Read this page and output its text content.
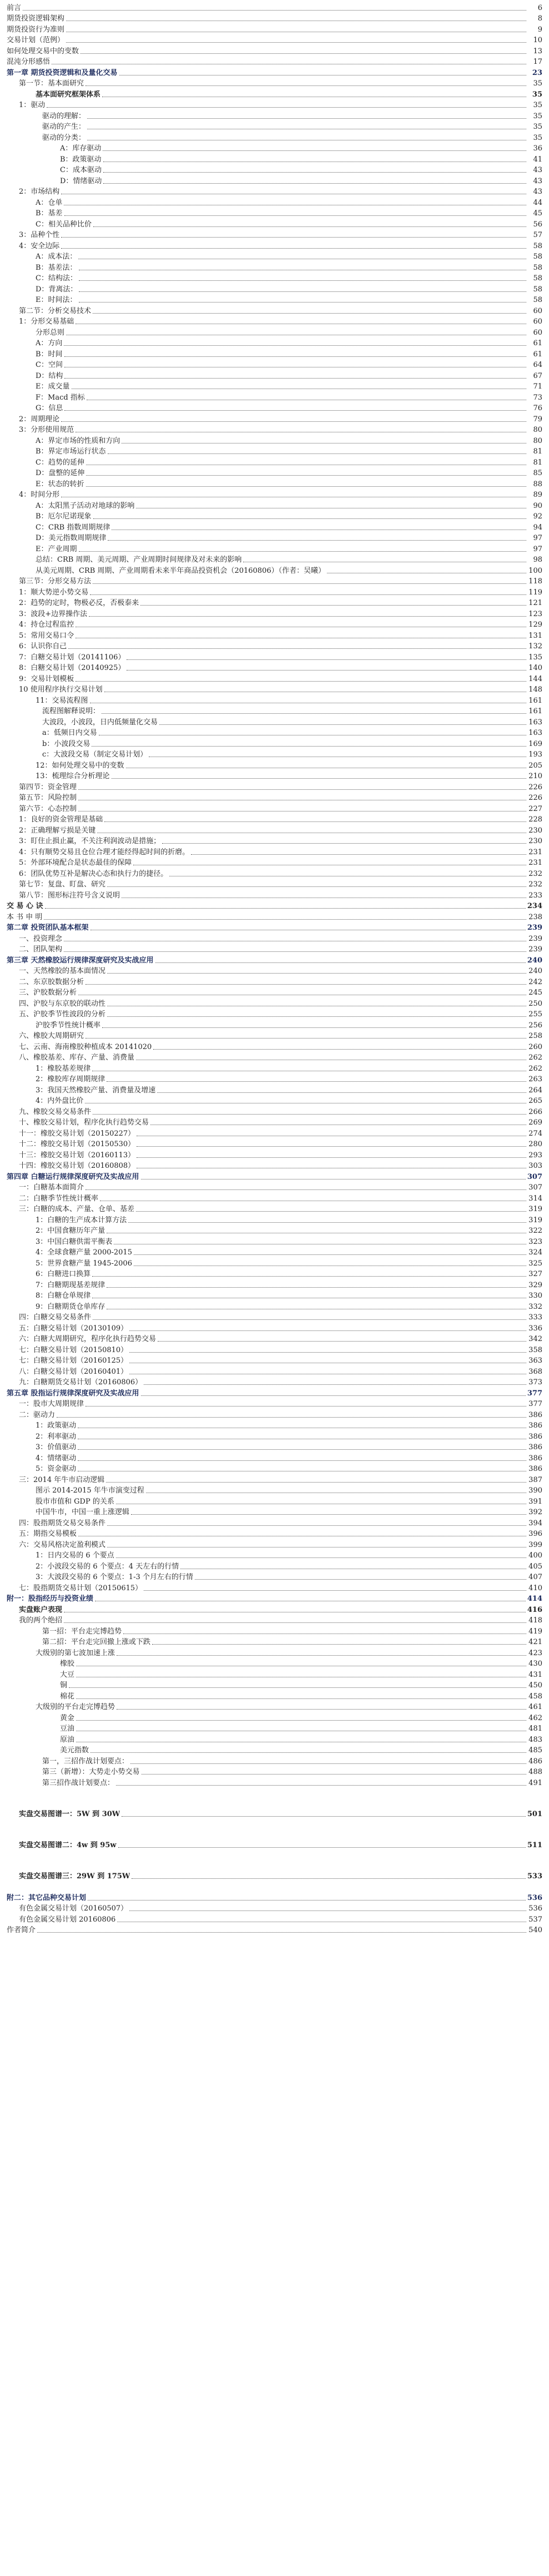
前言	6
期货投资逻辑架构	8
期货投资行为准则	9
交易计划（范例）	10
如何处理交易中的变数	13
混沌分形感悟	17
第一章 期货投资逻辑和及量化交易	23
第一节：基本面研究	35
基本面研究框架体系	35
1：驱动	35
驱动的理解：	35
驱动的产生：	35
驱动的分类：	35
A：库存驱动	36
B：政策驱动	41
C：成本驱动	43
D：情绪驱动	43
2：市场结构	43
A：仓单	44
B：基差	45
C：相关品种比价	56
3：品种个性	57
4：安全边际	58
A：成本法：	58
B：基差法：	58
C：结构法：	58
D：背离法：	58
E：时间法：	58
第二节：分析交易技术	60
1：分形交易基础	60
分形总则	60
A：方向	61
B：时间	61
C：空间	64
D：结构	67
E：成交量	71
F：Macd 指标	73
G：信息	76
2：周期理论	79
3：分形使用规范	80
A：界定市场的性质和方向	80
B：界定市场运行状态	81
C：趋势的延伸	81
D：盘整的延伸	85
E：状态的转折	88
4：时间分形	89
A：太阳黑子活动对地球的影响	90
B：厄尔尼诺现象	92
C：CRB 指数周期规律	94
D：美元指数周期规律	97
E：产业周期	97
总结：CRB 周期、美元周期、产业周期时间规律及对未来的影响	98
从美元周期、CRB 周期、产业周期看未来半年商品投资机会（20160806）（作者：吴曦）	100
第三节：分形交易方法	118
1：顺大势逆小势交易	119
2：趋势的定时，物极必反，否极泰来	121
3：波段+边界操作法	123
4：持仓过程监控	129
5：常用交易口令	131
6：认识你自己	132
7：白糖交易计划（20141106）	135
8：白糖交易计划（20140925）	140
9：交易计划模板	144
10 使用程序执行交易计划	148
11：交易流程图	161
流程图解释说明：	161
大波段，小波段，日内低频量化交易	163
a：低频日内交易	163
b：小波段交易	169
c：大波段交易（制定交易计划）	193
12：如何处理交易中的变数	205
13：梳理综合分析理论	210
第四节：资金管理	226
第五节：风险控制	226
第六节：心态控制	227
1：良好的资金管理是基础	228
2：正确理解亏损是关键	230
3：盯住止损止赢，不关注利润波动是措施；	230
4：只有顺势交易且仓位合理才能经得起时间的折磨。	231
5：外部环境配合是状态最佳的保障	231
6：团队优势互补是解决心态和执行力的捷径。	232
第七节：复盘、盯盘、研究	232
第八节：图形标注符号含义说明	233
交 易 心 诀	234
本 书 申 明	238
第二章 投资团队基本框架	239
一、投资理念	239
二、团队架构	239
第三章 天然橡胶运行规律深度研究及实战应用	240
一、天然橡胶的基本面情况	240
二、东京胶数据分析	242
三、沪胶数据分析	245
四、沪胶与东京胶的联动性	250
五、沪胶季节性波段的分析	255
沪胶季节性统计概率	256
六、橡胶大周期研究	258
七、云南、海南橡胶种植成本 20141020	260
八、橡胶基差、库存、产量、消费量	262
1：橡胶基差规律	262
2：橡胶库存周期规律	263
3：我国天然橡胶产量、消费量及增速	264
4：内外盘比价	265
九、橡胶交易交易条件	266
十、橡胶交易计划，程序化执行趋势交易	269
十一：橡胶交易计划（20150227）	274
十二：橡胶交易计划（20150530）	280
十三：橡胶交易计划（20160113）	293
十四：橡胶交易计划（20160808）	303
第四章 白糖运行规律深度研究及实战应用	307
一：白糖基本面简介	307
二：白糖季节性统计概率	314
三：白糖的成本、产量、仓单、基差	319
1：白糖的生产成本计算方法	319
2：中国食糖历年产量	322
3：中国白糖供需平衡表	323
4：全球食糖产量 2000-2015	324
5：世界食糖产量 1945-2006	325
6：白糖进口换算	327
7：白糖期现基差规律	329
8：白糖仓单规律	330
9：白糖期货仓单库存	332
四：白糖交易交易条件	333
五：白糖交易计划（20130109）	336
六：白糖大周期研究，程序化执行趋势交易	342
七：白糖交易计划（20150810）	358
七：白糖交易计划（20160125）	363
八：白糖交易计划（20160401）	368
九：白糖期货交易计划（20160806）	373
第五章 股指运行规律深度研究及实战应用	377
一：股市大周期规律	377
二：驱动力	386
1：政策驱动	386
2：利率驱动	386
3：价值驱动	386
4：情绪驱动	386
5：资金驱动	386
三：2014 年牛市启动逻辑	387
图示 2014-2015 年牛市演变过程	390
股市市值和 GDP 的关系	391
中国牛市，中国一重上涨逻辑	392
四：股指期货交易交易条件	394
五：期指交易模板	396
六：交易风格决定盈利模式	399
1：日内交易的 6 个要点	400
2：小波段交易的 6 个要点：4 天左右的行情	405
3：大波段交易的 6 个要点：1-3 个月左右的行情	407
七：股指期货交易计划（20150615）	410
附一：股指经历与投资业绩	414
实盘账户表现	416
我的两个绝招	418
第一招：平台走完博趋势	419
第二招：平台走完回撤上涨或下跌	421
大级别的第七波加速上涨	423
橡胶	430
大豆	431
铜	450
棉花	458
大级别的平台走完博趋势	461
黄金	462
豆油	481
原油	483
美元指数	485
第一，三招作战计划要点：	486
第三（新增）：大势走小势交易	488
第三招作战计划要点：	491
实盘交易图谱一：5W 到 30W	501
实盘交易图谱二：4w 到 95w	511
实盘交易图谱三：29W 到 175W	533
附二：其它品种交易计划	536
有色金属交易计划（20160507）	536
有色金属交易计划 20160806	537
作者简介	540
